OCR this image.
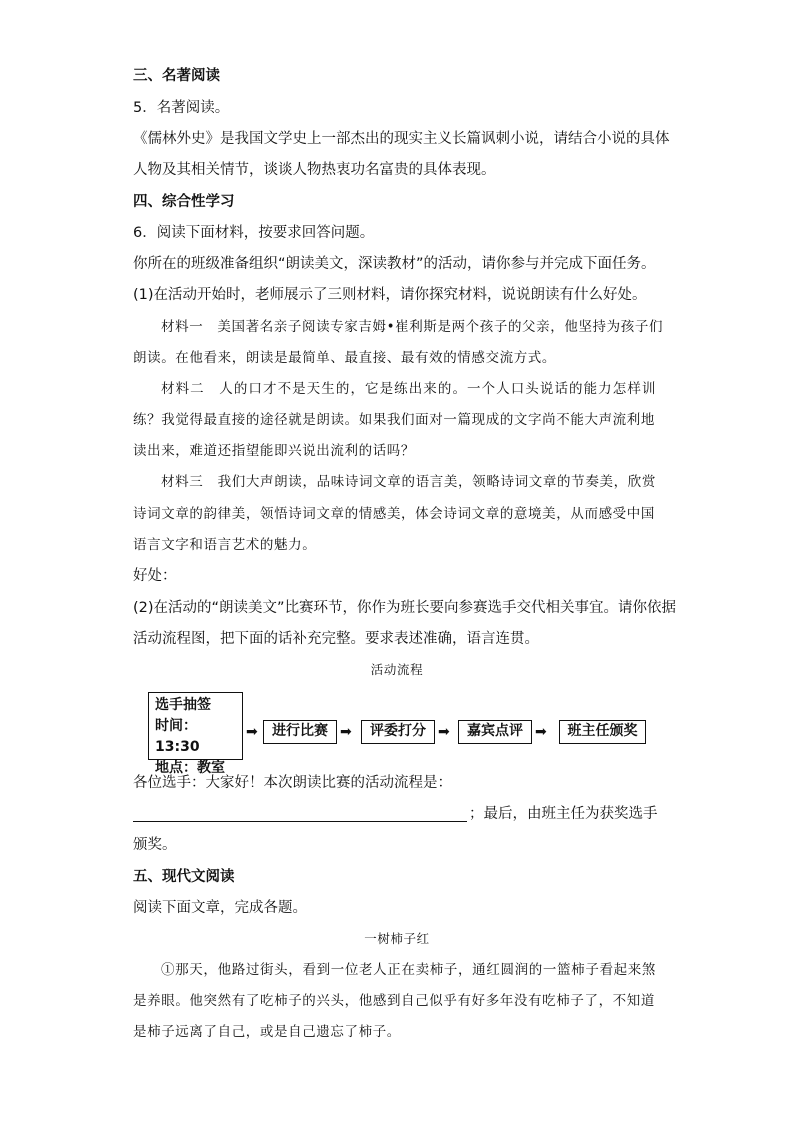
三、名著阅读
5．名著阅读。
《儒林外史》是我国文学史上一部杰出的现实主义长篇讽刺小说，请结合小说的具体
人物及其相关情节，谈谈人物热衷功名富贵的具体表现。
四、综合性学习
6．阅读下面材料，按要求回答问题。
你所在的班级准备组织“朗读美文，深读教材”的活动，请你参与并完成下面任务。
(1)在活动开始时，老师展示了三则材料，请你探究材料，说说朗读有什么好处。
材料一　美国著名亲子阅读专家吉姆•崔利斯是两个孩子的父亲，他坚持为孩子们
朗读。在他看来，朗读是最简单、最直接、最有效的情感交流方式。
材料二　人的口才不是天生的，它是练出来的。一个人口头说话的能力怎样训
练？我觉得最直接的途径就是朗读。如果我们面对一篇现成的文字尚不能大声流利地
读出来，难道还指望能即兴说出流利的话吗？
材料三　我们大声朗读，品味诗词文章的语言美，领略诗词文章的节奏美，欣赏
诗词文章的韵律美，领悟诗词文章的情感美，体会诗词文章的意境美，从而感受中国
语言文字和语言艺术的魅力。
好处：
(2)在活动的“朗读美文”比赛环节，你作为班长要向参赛选手交代相关事宜。请你依据
活动流程图，把下面的话补充完整。要求表述准确，语言连贯。
活动流程
选手抽签
时间：13:30
地点：教室
➡	进行比赛 ➡	评委打分 ➡	嘉宾点评 ➡	班主任颁奖
各位选手：大家好！本次朗读比赛的活动流程是：
；最后，由班主任为获奖选手
颁奖。
五、现代文阅读
阅读下面文章，完成各题。
一树柿子红
①那天，他路过街头，看到一位老人正在卖柿子，通红圆润的一篮柿子看起来煞
是养眼。他突然有了吃柿子的兴头，他感到自己似乎有好多年没有吃柿子了，不知道
是柿子远离了自己，或是自己遗忘了柿子。
